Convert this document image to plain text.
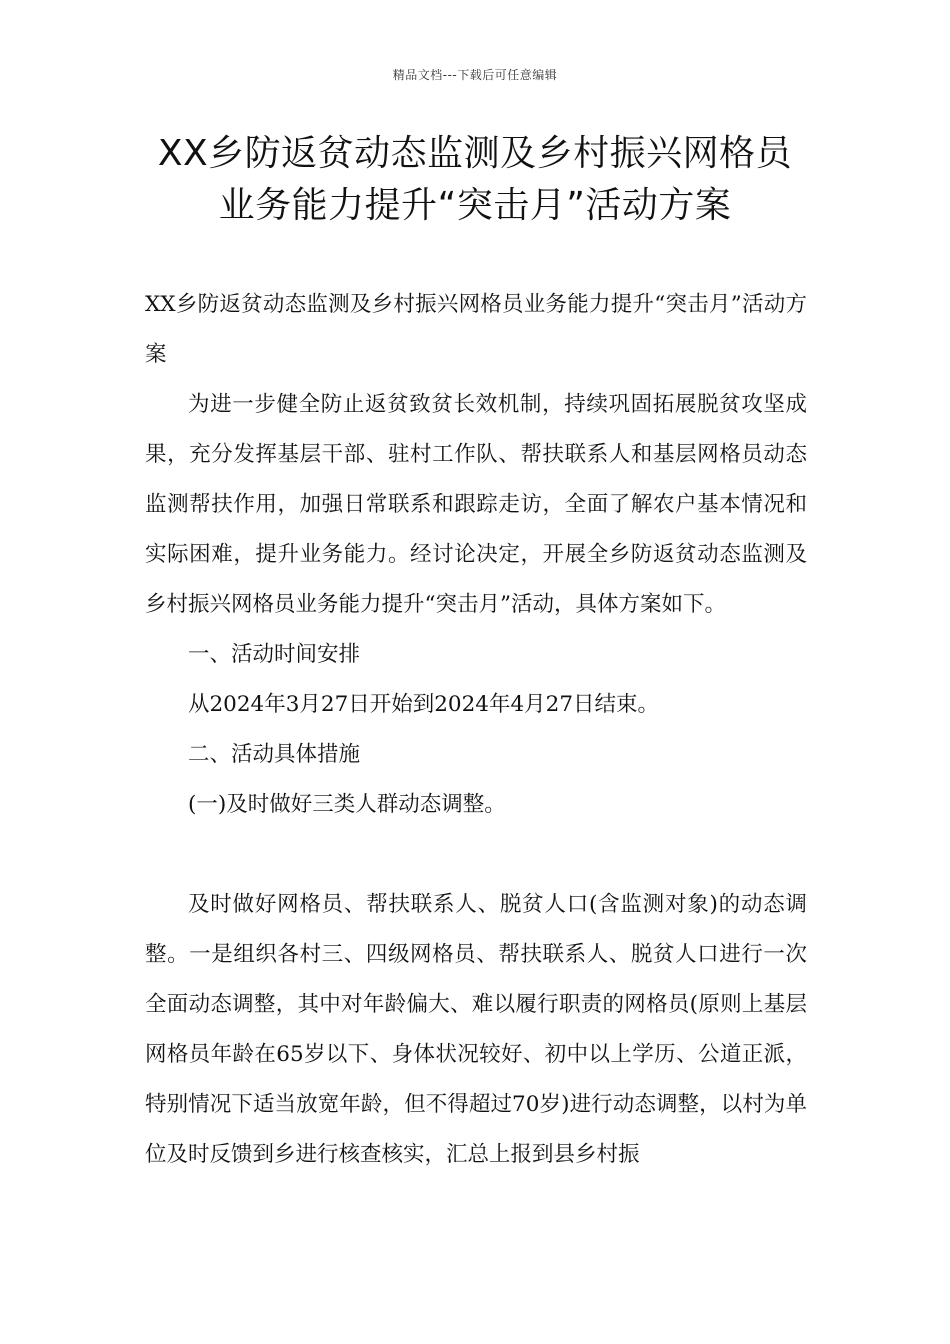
精品文档---下载后可任意编辑
XX乡防返贫动态监测及乡村振兴网格员
业务能力提升“突击月”活动方案

XX乡防返贫动态监测及乡村振兴网格员业务能力提升“突击月”活动方案

为进一步健全防止返贫致贫长效机制，持续巩固拓展脱贫攻坚成果，充分发挥基层干部、驻村工作队、帮扶联系人和基层网格员动态监测帮扶作用，加强日常联系和跟踪走访，全面了解农户基本情况和实际困难，提升业务能力。经讨论决定，开展全乡防返贫动态监测及乡村振兴网格员业务能力提升“突击月”活动，具体方案如下。

一、活动时间安排

从2024年3月27日开始到2024年4月27日结束。

二、活动具体措施

(一)及时做好三类人群动态调整。

及时做好网格员、帮扶联系人、脱贫人口(含监测对象)的动态调整。一是组织各村三、四级网格员、帮扶联系人、脱贫人口进行一次全面动态调整，其中对年龄偏大、难以履行职责的网格员(原则上基层网格员年龄在65岁以下、身体状况较好、初中以上学历、公道正派，特别情况下适当放宽年龄，但不得超过70岁)进行动态调整，以村为单位及时反馈到乡进行核查核实，汇总上报到县乡村振
